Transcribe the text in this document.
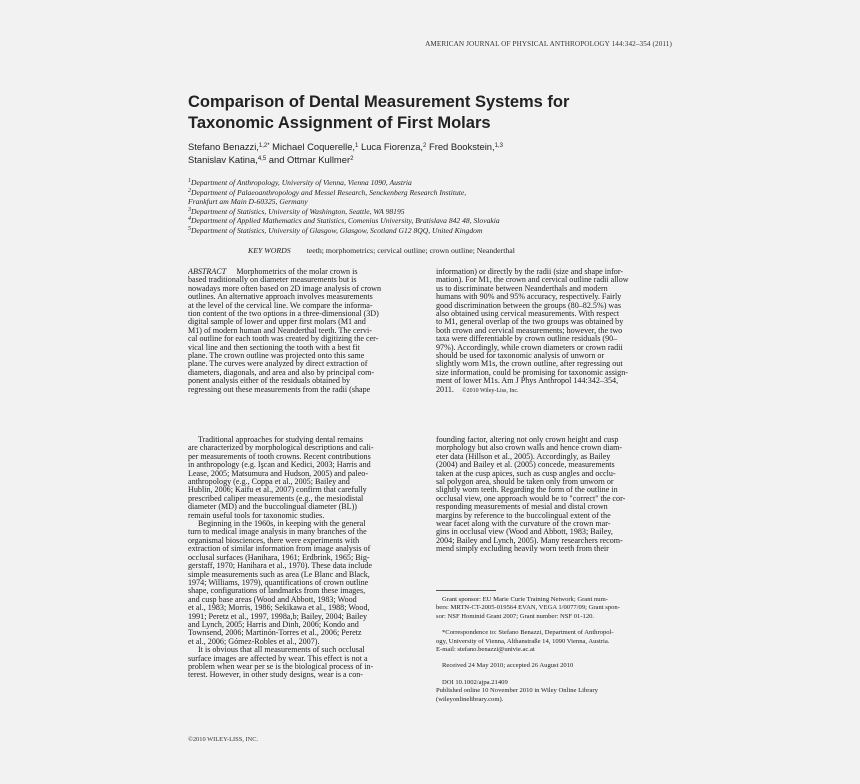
AMERICAN JOURNAL OF PHYSICAL ANTHROPOLOGY 144:342–354 (2011)
Comparison of Dental Measurement Systems for
Taxonomic Assignment of First Molars
Stefano Benazzi,$^{1,2*}$ Michael Coquerelle,$^1$ Luca Fiorenza,$^2$ Fred Bookstein,$^{1,3}$
Stanislav Katina,$^{4,5}$ and Ottmar Kullmer$^2$
$^1$Department of Anthropology, University of Vienna, Vienna 1090, Austria
$^2$Department of Palaeoanthropology and Messel Research, Senckenberg Research Institute,
Frankfurt am Main D-60325, Germany
$^3$Department of Statistics, University of Washington, Seattle, WA 98195
$^4$Department of Applied Mathematics and Statistics, Comenius University, Bratislava 842 48, Slovakia
$^5$Department of Statistics, University of Glasgow, Glasgow, Scotland G12 8QQ, United Kingdom
KEY WORDS teeth; morphometrics; cervical outline; crown outline; Neanderthal
ABSTRACT  Morphometrics of the molar crown is
based traditionally on diameter measurements but is
nowadays more often based on 2D image analysis of crown
outlines. An alternative approach involves measurements
at the level of the cervical line. We compare the informa-
tion content of the two options in a three-dimensional (3D)
digital sample of lower and upper first molars (M1 and
M1) of modern human and Neanderthal teeth. The cervi-
cal outline for each tooth was created by digitizing the cer-
vical line and then sectioning the tooth with a best fit
plane. The crown outline was projected onto this same
plane. The curves were analyzed by direct extraction of
diameters, diagonals, and area and also by principal com-
ponent analysis either of the residuals obtained by
regressing out these measurements from the radii (shape
information) or directly by the radii (size and shape infor-
mation). For M1, the crown and cervical outline radii allow
us to discriminate between Neanderthals and modern
humans with 90% and 95% accuracy, respectively. Fairly
good discrimination between the groups (80–82.5%) was
also obtained using cervical measurements. With respect
to M1, general overlap of the two groups was obtained by
both crown and cervical measurements; however, the two
taxa were differentiable by crown outline residuals (90–
97%). Accordingly, while crown diameters or crown radii
should be used for taxonomic analysis of unworn or
slightly worn M1s, the crown outline, after regressing out
size information, could be promising for taxonomic assign-
ment of lower M1s. Am J Phys Anthropol 144:342–354,
2011. ©2010 Wiley-Liss, Inc.
Traditional approaches for studying dental remains
are characterized by morphological descriptions and cali-
per measurements of tooth crowns. Recent contributions
in anthropology (e.g. Işcan and Kedici, 2003; Harris and
Lease, 2005; Matsumura and Hudson, 2005) and paleo-
anthropology (e.g., Coppa et al., 2005; Bailey and
Hublin, 2006; Kaifu et al., 2007) confirm that carefully
prescribed caliper measurements (e.g., the mesiodistal
diameter (MD) and the buccolingual diameter (BL))
remain useful tools for taxonomic studies.
Beginning in the 1960s, in keeping with the general
turn to medical image analysis in many branches of the
organismal biosciences, there were experiments with
extraction of similar information from image analysis of
occlusal surfaces (Hanihara, 1961; Erdbrink, 1965; Big-
gerstaff, 1970; Hanihara et al., 1970). These data include
simple measurements such as area (Le Blanc and Black,
1974; Williams, 1979), quantifications of crown outline
shape, configurations of landmarks from these images,
and cusp base areas (Wood and Abbott, 1983; Wood
et al., 1983; Morris, 1986; Sekikawa et al., 1988; Wood,
1991; Peretz et al., 1997, 1998a,b; Bailey, 2004; Bailey
and Lynch, 2005; Harris and Dinh, 2006; Kondo and
Townsend, 2006; Martinón-Torres et al., 2006; Peretz
et al., 2006; Gómez-Robles et al., 2007).
It is obvious that all measurements of such occlusal
surface images are affected by wear. This effect is not a
problem when wear per se is the biological process of in-
terest. However, in other study designs, wear is a con-
founding factor, altering not only crown height and cusp
morphology but also crown walls and hence crown diam-
eter data (Hillson et al., 2005). Accordingly, as Bailey
(2004) and Bailey et al. (2005) concede, measurements
taken at the cusp apices, such as cusp angles and occlu-
sal polygon area, should be taken only from unworn or
slightly worn teeth. Regarding the form of the outline in
occlusal view, one approach would be to "correct" the cor-
responding measurements of mesial and distal crown
margins by reference to the buccolingual extent of the
wear facet along with the curvature of the crown mar-
gins in occlusal view (Wood and Abbott, 1983; Bailey,
2004; Bailey and Lynch, 2005). Many researchers recom-
mend simply excluding heavily worn teeth from their
Grant sponsor: EU Marie Curie Training Network; Grant num-
bers: MRTN-CT-2005-019564 EVAN, VEGA 1/0077/09; Grant spon-
sor: NSF Hominid Grant 2007; Grant number: NSF 01-120.
*Correspondence to: Stefano Benazzi, Department of Anthropol-
ogy, University of Vienna, Althanstraße 14, 1090 Vienna, Austria.
E-mail: stefano.benazzi@univie.ac.at
Received 24 May 2010; accepted 26 August 2010
DOI 10.1002/ajpa.21409
Published online 10 November 2010 in Wiley Online Library
(wileyonlinelibrary.com).
©2010 WILEY-LISS, INC.
